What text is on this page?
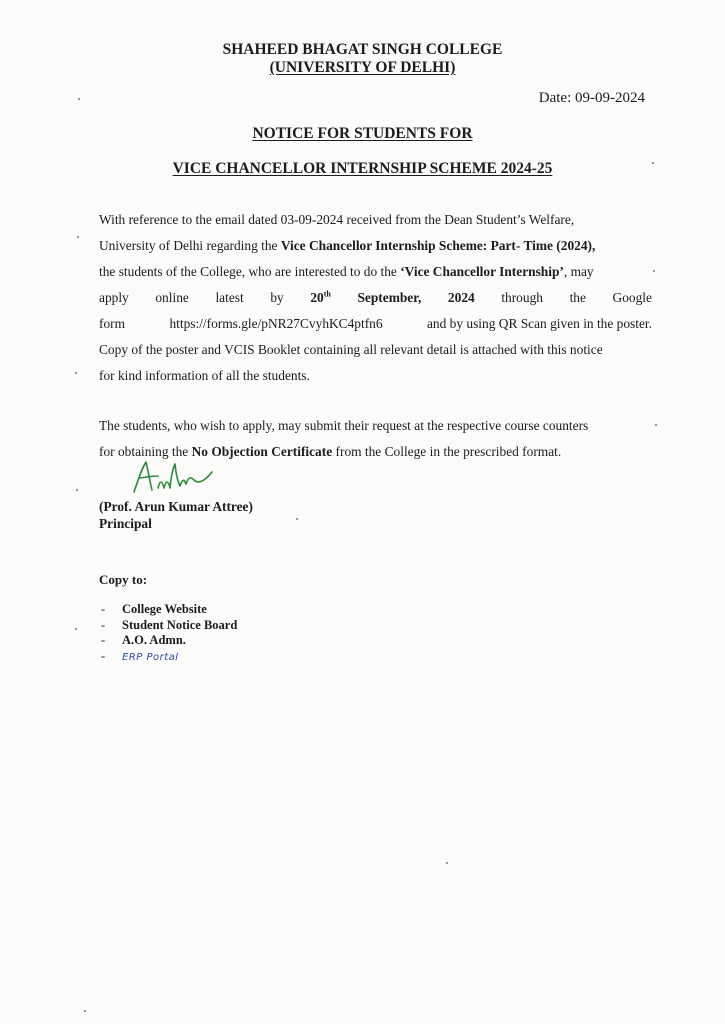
SHAHEED BHAGAT SINGH COLLEGE
(UNIVERSITY OF DELHI)
Date: 09-09-2024
NOTICE FOR STUDENTS FOR
VICE CHANCELLOR INTERNSHIP SCHEME 2024-25
With reference to the email dated 03-09-2024 received from the Dean Student’s Welfare,
University of Delhi regarding the Vice Chancellor Internship Scheme: Part- Time (2024),
the students of the College, who are interested to do the ‘Vice Chancellor Internship’, may
apply online latest by 20th September, 2024 through the Google
form	https://forms.gle/pNR27CvyhKC4ptfn6	and by using QR Scan given in the poster.
Copy of the poster and VCIS Booklet containing all relevant detail is attached with this notice
for kind information of all the students.
The students, who wish to apply, may submit their request at the respective course counters
for obtaining the No Objection Certificate from the College in the prescribed format.
(Prof. Arun Kumar Attree)
Principal
Copy to:
- College Website
- Student Notice Board
- A.O. Admn.
- ERP Portal
